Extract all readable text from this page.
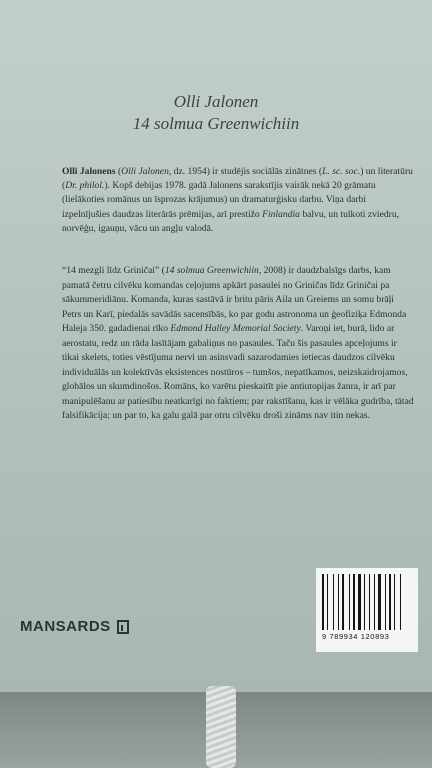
Olli Jalonen
14 solmua Greenwichiin
Olli Jalonens (Olli Jalonen, dz. 1954) ir studējis sociālās zinātnes (L. sc. soc.) un literatūru (Dr. philol.). Kopš debijas 1978. gadā Jalonens sarakstījis vairāk nekā 20 grāmatu (lielākoties romānus un īsprozas krājumus) un dramaturģisku darbu. Viņa darbi izpelnījušies daudzas literārās prēmijas, arī prestižo Finlandia balvu, un tulkoti zviedru, norvēģu, igauņu, vācu un angļu valodā.
“14 mezgli līdz Griničai” (14 solmua Greenwichiin, 2008) ir daudzbalsīgs darbs, kam pamatā četru cilvēku komandas ceļojums apkārt pasaulei no Griničas līdz Griničai pa sākummeridiānu. Komanda, kuras sastāvā ir britu pāris Aila un Greiems un somu brāļi Petrs un Karī, piedalās savādās sacensībās, ko par godu astronoma un ģeofiziķa Edmonda Haleja 350. gadadienai rīko Edmond Halley Memorial Society. Varoņi iet, burā, lido ar aerostatu, redz un rāda lasītājam gabaliņus no pasaules. Taču šis pasaules apceļojums ir tikai skelets, toties vēstījuma nervi un asinsvadi sazarodamies ietiecas daudzos cilvēku individuālās un kolektīvās eksistences nostūros – tumšos, nepatīkamos, neizskaidrojamos, globālos un skumdinošos. Romāns, ko varētu pieskaitīt pie antiutopijas žanra, ir arī par manipulēšanu ar patiesību neatkarīgi no faktiem; par rakstīšanu, kas ir vēlāka gudrība, tātad falsifikācija; un par to, ka galu galā par otru cilvēku droši zināms nav itin nekas.
MANSARDS
9 789934 120893
